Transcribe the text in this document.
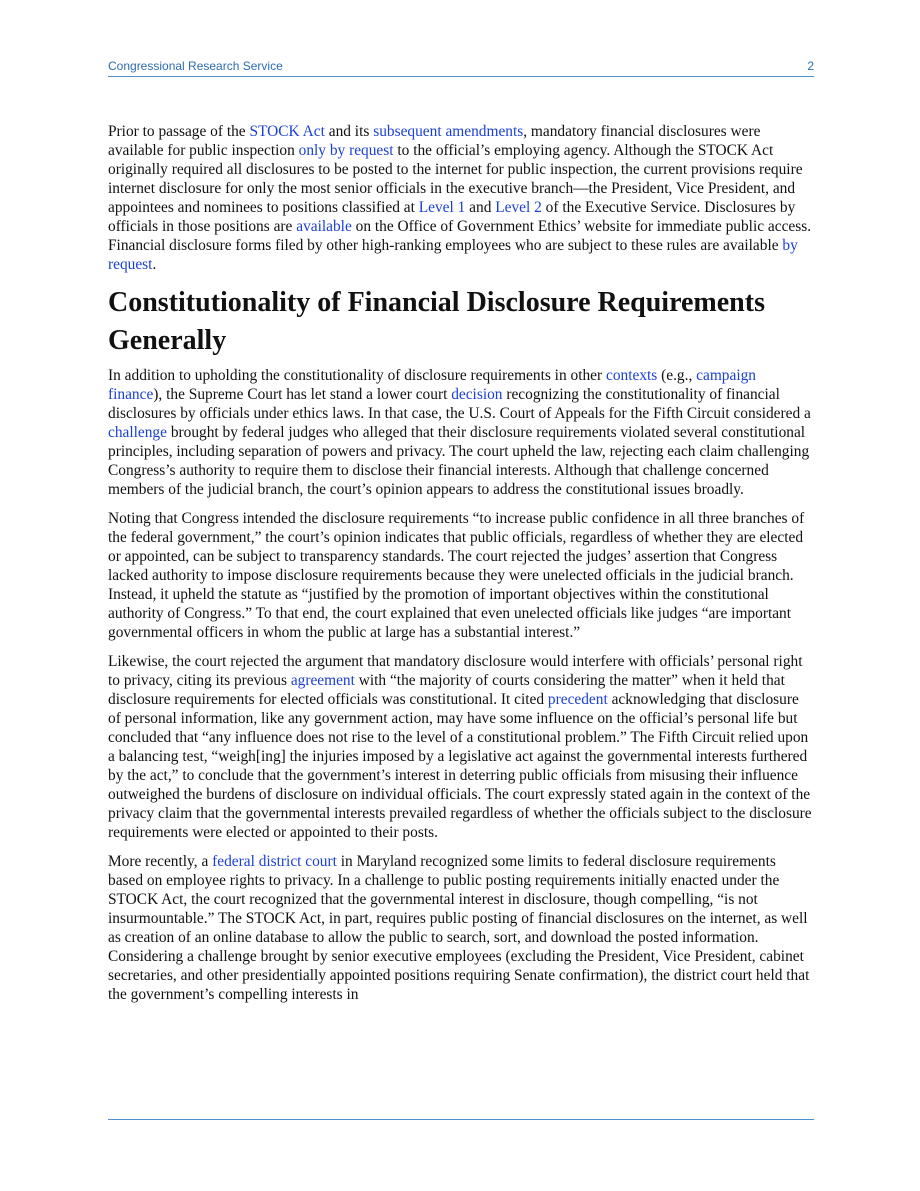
Congressional Research Service	2

Prior to passage of the STOCK Act and its subsequent amendments, mandatory financial disclosures were available for public inspection only by request to the official’s employing agency. Although the STOCK Act originally required all disclosures to be posted to the internet for public inspection, the current provisions require internet disclosure for only the most senior officials in the executive branch—the President, Vice President, and appointees and nominees to positions classified at Level 1 and Level 2 of the Executive Service. Disclosures by officials in those positions are available on the Office of Government Ethics’ website for immediate public access. Financial disclosure forms filed by other high-ranking employees who are subject to these rules are available by request.

Constitutionality of Financial Disclosure Requirements Generally

In addition to upholding the constitutionality of disclosure requirements in other contexts (e.g., campaign finance), the Supreme Court has let stand a lower court decision recognizing the constitutionality of financial disclosures by officials under ethics laws. In that case, the U.S. Court of Appeals for the Fifth Circuit considered a challenge brought by federal judges who alleged that their disclosure requirements violated several constitutional principles, including separation of powers and privacy. The court upheld the law, rejecting each claim challenging Congress’s authority to require them to disclose their financial interests. Although that challenge concerned members of the judicial branch, the court’s opinion appears to address the constitutional issues broadly.

Noting that Congress intended the disclosure requirements “to increase public confidence in all three branches of the federal government,” the court’s opinion indicates that public officials, regardless of whether they are elected or appointed, can be subject to transparency standards. The court rejected the judges’ assertion that Congress lacked authority to impose disclosure requirements because they were unelected officials in the judicial branch. Instead, it upheld the statute as “justified by the promotion of important objectives within the constitutional authority of Congress.” To that end, the court explained that even unelected officials like judges “are important governmental officers in whom the public at large has a substantial interest.”

Likewise, the court rejected the argument that mandatory disclosure would interfere with officials’ personal right to privacy, citing its previous agreement with “the majority of courts considering the matter” when it held that disclosure requirements for elected officials was constitutional. It cited precedent acknowledging that disclosure of personal information, like any government action, may have some influence on the official’s personal life but concluded that “any influence does not rise to the level of a constitutional problem.” The Fifth Circuit relied upon a balancing test, “weigh[ing] the injuries imposed by a legislative act against the governmental interests furthered by the act,” to conclude that the government’s interest in deterring public officials from misusing their influence outweighed the burdens of disclosure on individual officials. The court expressly stated again in the context of the privacy claim that the governmental interests prevailed regardless of whether the officials subject to the disclosure requirements were elected or appointed to their posts.

More recently, a federal district court in Maryland recognized some limits to federal disclosure requirements based on employee rights to privacy. In a challenge to public posting requirements initially enacted under the STOCK Act, the court recognized that the governmental interest in disclosure, though compelling, “is not insurmountable.” The STOCK Act, in part, requires public posting of financial disclosures on the internet, as well as creation of an online database to allow the public to search, sort, and download the posted information. Considering a challenge brought by senior executive employees (excluding the President, Vice President, cabinet secretaries, and other presidentially appointed positions requiring Senate confirmation), the district court held that the government’s compelling interests in
